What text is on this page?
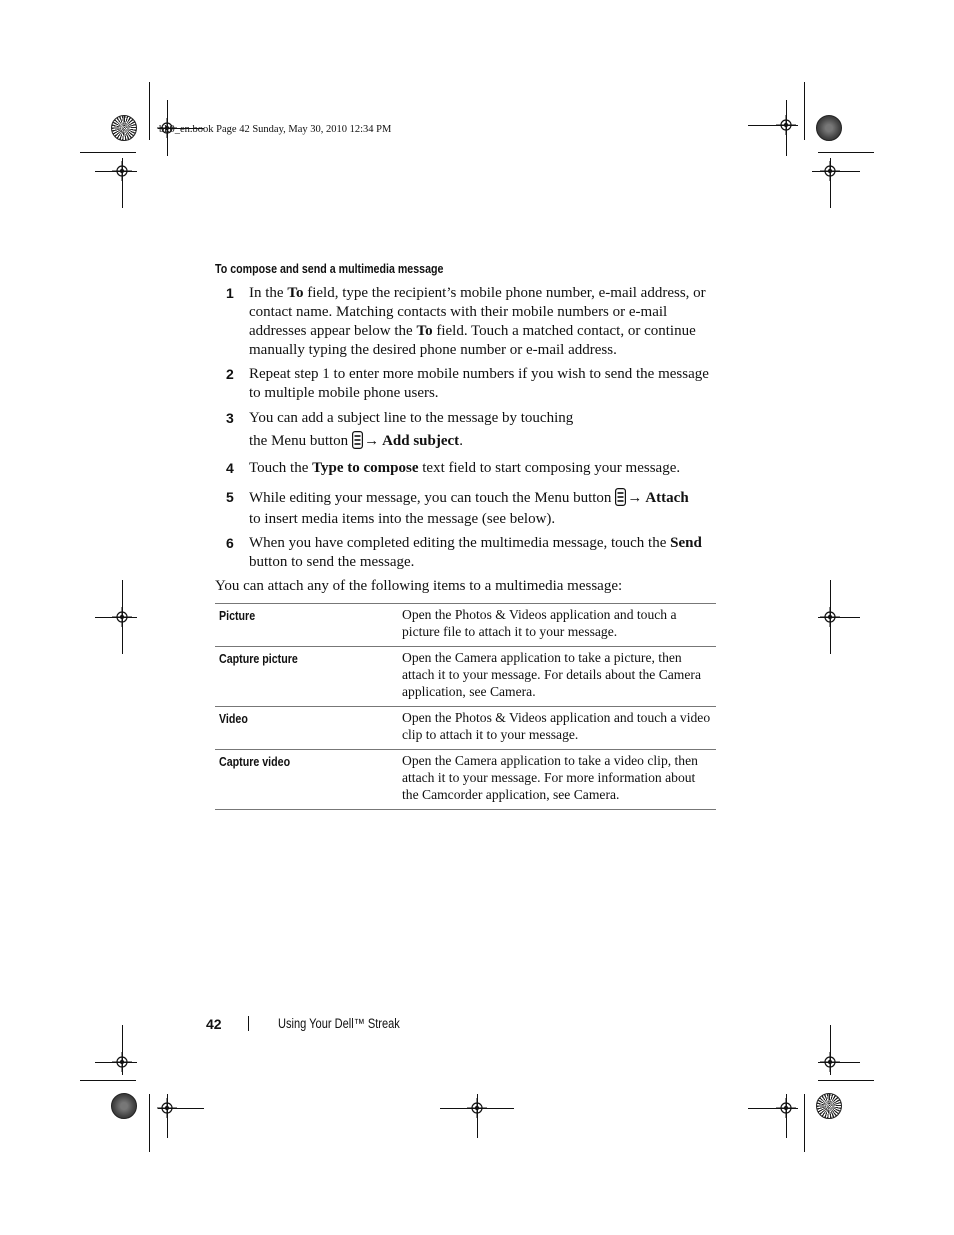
bk0_en.book Page 42 Sunday, May 30, 2010 12:34 PM
To compose and send a multimedia message
1 In the To field, type the recipient’s mobile phone number, e-mail address, or contact name. Matching contacts with their mobile numbers or e-mail addresses appear below the To field. Touch a matched contact, or continue manually typing the desired phone number or e-mail address.
2 Repeat step 1 to enter more mobile numbers if you wish to send the message to multiple mobile phone users.
3 You can add a subject line to the message by touching
the Menu button → Add subject.
4 Touch the Type to compose text field to start composing your message.
5 While editing your message, you can touch the Menu button → Attach
to insert media items into the message (see below).
6 When you have completed editing the multimedia message, touch the Send button to send the message.
You can attach any of the following items to a multimedia message:
Picture	Open the Photos & Videos application and touch a picture file to attach it to your message.

Capture picture	Open the Camera application to take a picture, then attach it to your message. For details about the Camera application, see Camera.

Video	Open the Photos & Videos application and touch a video clip to attach it to your message.

Capture video	Open the Camera application to take a video clip, then attach it to your message. For more information about the Camcorder application, see Camera.
42	Using Your Dell™ Streak
